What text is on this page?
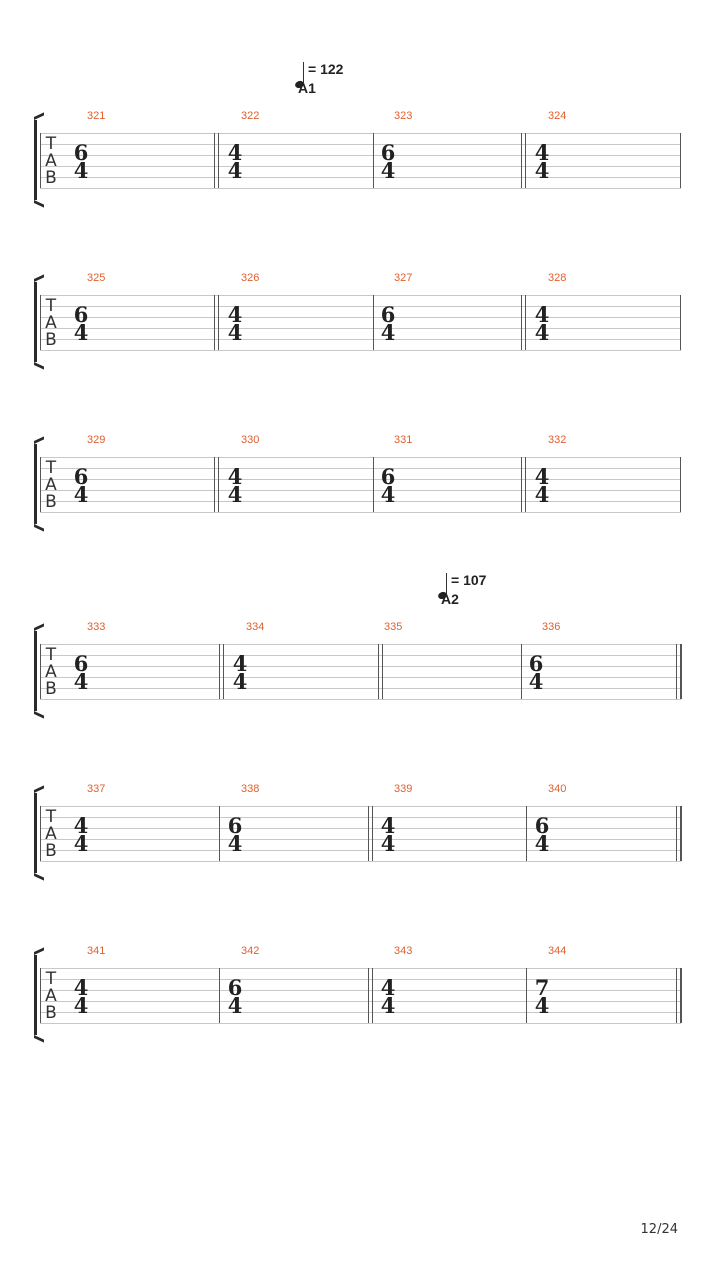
T
A
B
321
6
4
322
4
4
323
6
4
324
4
4
T
A
B
325
6
4
326
4
4
327
6
4
328
4
4
T
A
B
329
6
4
330
4
4
331
6
4
332
4
4
T
A
B
333
6
4
334
4
4
335	336
6
4
T
A
B
337
4
4
338
6
4
339
4
4
340
6
4
T
A
B
341
4
4
342
6
4
343
4
4
344
7
4
= 122
A1
= 107
A2
12/24
